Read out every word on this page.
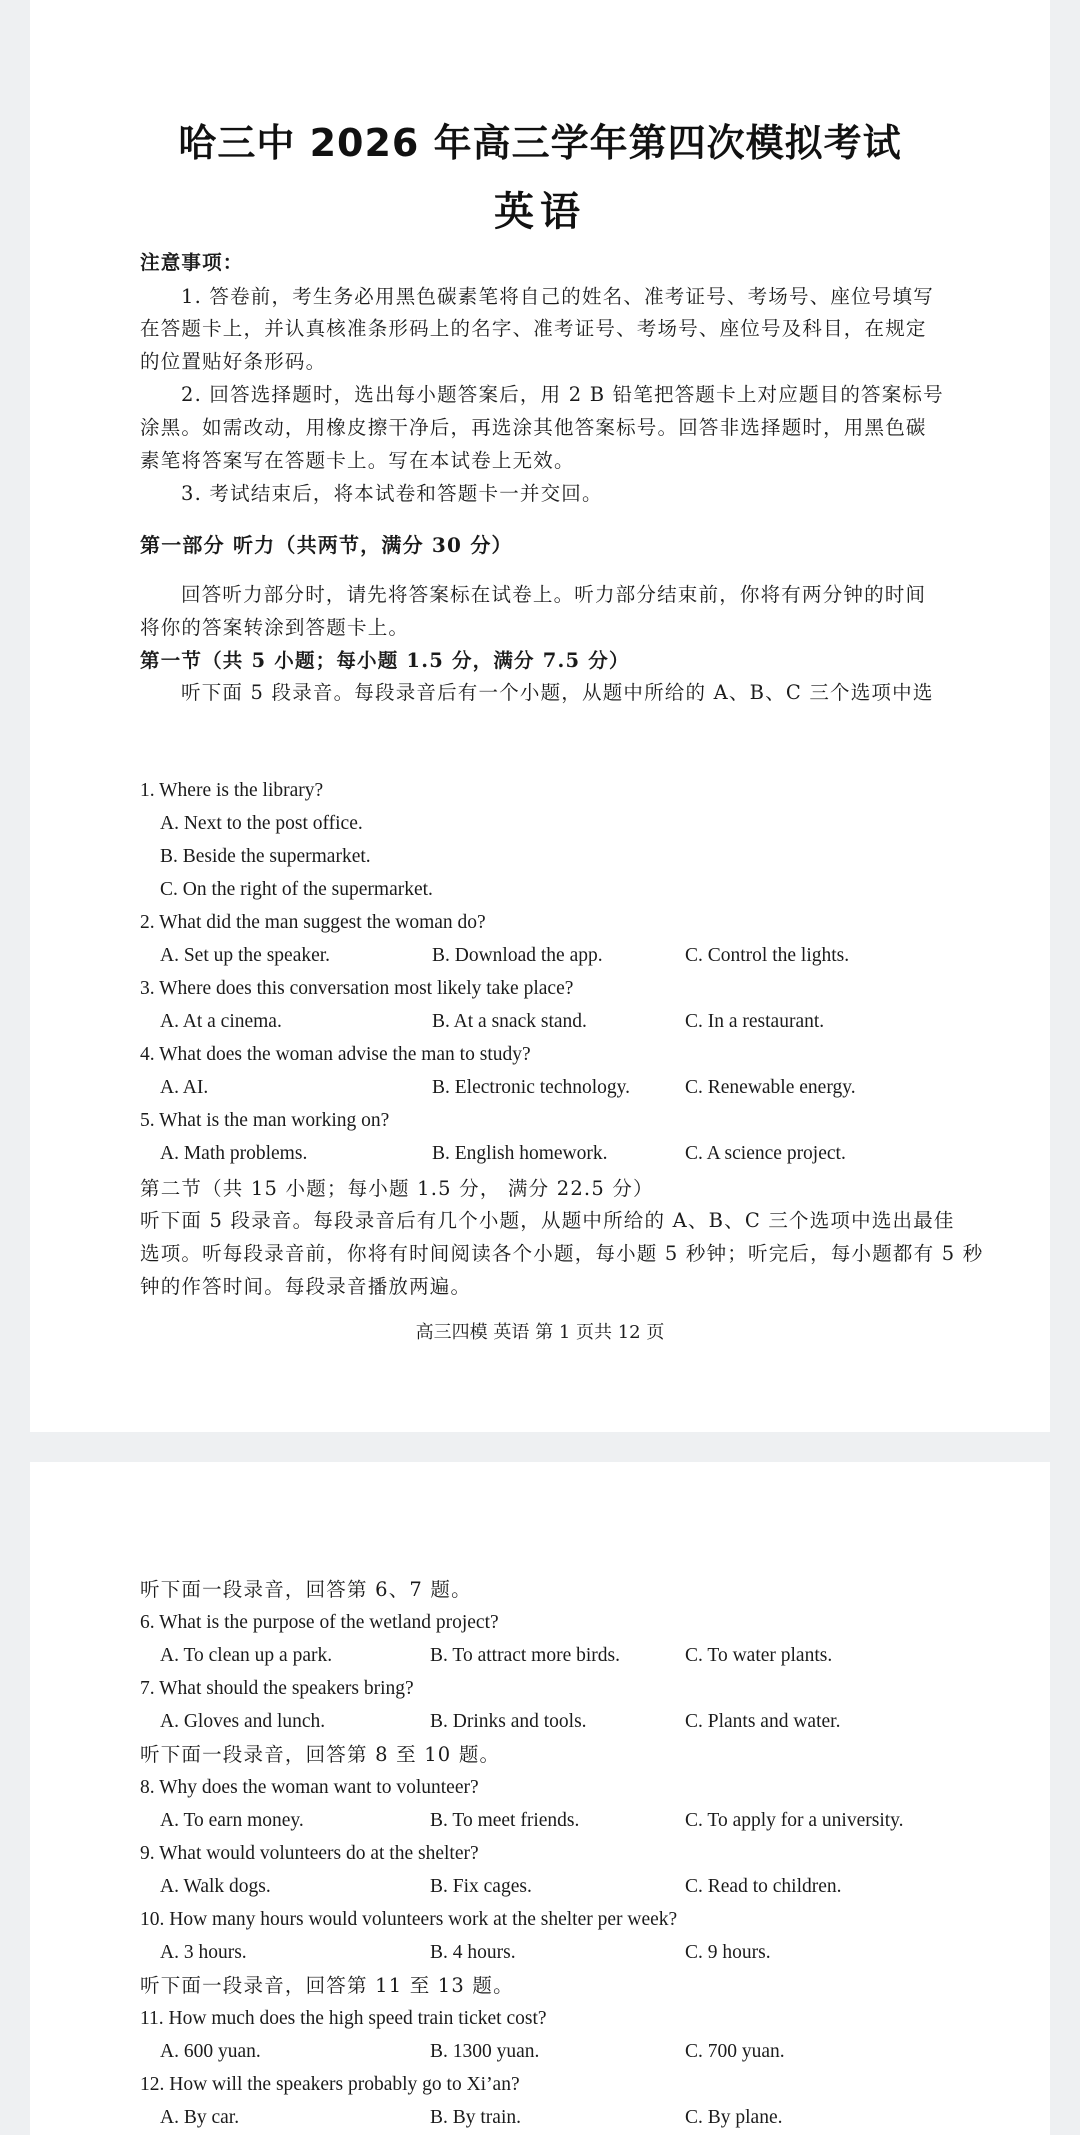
哈三中 2026 年高三学年第四次模拟考试
英语
注意事项：
1. 答卷前，考生务必用黑色碳素笔将自己的姓名、准考证号、考场号、座位号填写
在答题卡上，并认真核准条形码上的名字、准考证号、考场号、座位号及科目，在规定
的位置贴好条形码。
2. 回答选择题时，选出每小题答案后，用 2 B 铅笔把答题卡上对应题目的答案标号
涂黑。如需改动，用橡皮擦干净后，再选涂其他答案标号。回答非选择题时，用黑色碳
素笔将答案写在答题卡上。写在本试卷上无效。
3. 考试结束后，将本试卷和答题卡一并交回。
第一部分 听力（共两节，满分 30 分）
回答听力部分时，请先将答案标在试卷上。听力部分结束前，你将有两分钟的时间
将你的答案转涂到答题卡上。
第一节（共 5 小题；每小题 1.5 分，满分 7.5 分）
听下面 5 段录音。每段录音后有一个小题，从题中所给的 A、B、C 三个选项中选
1. Where is the library?
A. Next to the post office.
B. Beside the supermarket.
C. On the right of the supermarket.
2. What did the man suggest the woman do?
A. Set up the speaker.	B. Download the app.	C. Control the lights.
3. Where does this conversation most likely take place?
A. At a cinema.	B. At a snack stand.	C. In a restaurant.
4. What does the woman advise the man to study?
A. AI.	B. Electronic technology.	C. Renewable energy.
5. What is the man working on?
A. Math problems.	B. English homework.	C. A science project.
第二节（共 15 小题；每小题 1.5 分， 满分 22.5 分）
听下面 5 段录音。每段录音后有几个小题，从题中所给的 A、B、C 三个选项中选出最佳
选项。听每段录音前，你将有时间阅读各个小题，每小题 5 秒钟；听完后，每小题都有 5 秒
钟的作答时间。每段录音播放两遍。
高三四模 英语 第 1 页共 12 页
听下面一段录音，回答第 6、7 题。
6. What is the purpose of the wetland project?
A. To clean up a park.	B. To attract more birds.	C. To water plants.
7. What should the speakers bring?
A. Gloves and lunch.	B. Drinks and tools.	C. Plants and water.
听下面一段录音，回答第 8 至 10 题。
8. Why does the woman want to volunteer?
A. To earn money.	B. To meet friends.	C. To apply for a university.
9. What would volunteers do at the shelter?
A. Walk dogs.	B. Fix cages.	C. Read to children.
10. How many hours would volunteers work at the shelter per week?
A. 3 hours.	B. 4 hours.	C. 9 hours.
听下面一段录音，回答第 11 至 13 题。
11. How much does the high speed train ticket cost?
A. 600 yuan.	B. 1300 yuan.	C. 700 yuan.
12. How will the speakers probably go to Xi’an?
A. By car.	B. By train.	C. By plane.
